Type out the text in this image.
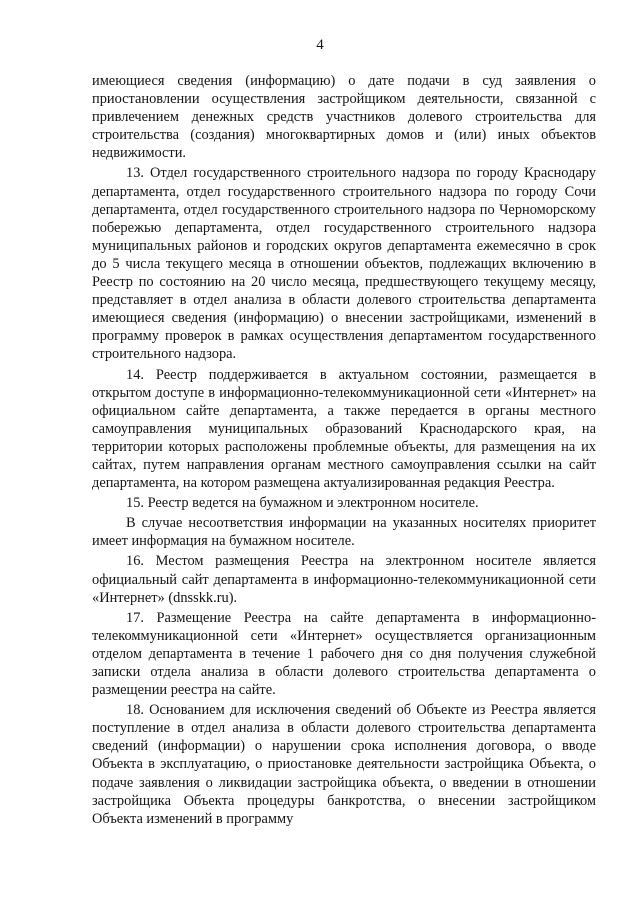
4

имеющиеся сведения (информацию) о дате подачи в суд заявления о приостановлении осуществления застройщиком деятельности, связанной с привлечением денежных средств участников долевого строительства для строительства (создания) многоквартирных домов и (или) иных объектов недвижимости.

13. Отдел государственного строительного надзора по городу Краснодару департамента, отдел государственного строительного надзора по городу Сочи департамента, отдел государственного строительного надзора по Черноморскому побережью департамента, отдел государственного строительного надзора муниципальных районов и городских округов департамента ежемесячно в срок до 5 числа текущего месяца в отношении объектов, подлежащих включению в Реестр по состоянию на 20 число месяца, предшествующего текущему месяцу, представляет в отдел анализа в области долевого строительства департамента имеющиеся сведения (информацию) о внесении застройщиками, изменений в программу проверок в рамках осуществления департаментом государственного строительного надзора.

14. Реестр поддерживается в актуальном состоянии, размещается в открытом доступе в информационно-телекоммуникационной сети «Интернет» на официальном сайте департамента, а также передается в органы местного самоуправления муниципальных образований Краснодарского края, на территории которых расположены проблемные объекты, для размещения на их сайтах, путем направления органам местного самоуправления ссылки на сайт департамента, на котором размещена актуализированная редакция Реестра.

15. Реестр ведется на бумажном и электронном носителе.

В случае несоответствия информации на указанных носителях приоритет имеет информация на бумажном носителе.

16. Местом размещения Реестра на электронном носителе является официальный сайт департамента в информационно-телекоммуникационной сети «Интернет» (dnsskk.ru).

17. Размещение Реестра на сайте департамента в информационно-телекоммуникационной сети «Интернет» осуществляется организационным отделом департамента в течение 1 рабочего дня со дня получения служебной записки отдела анализа в области долевого строительства департамента о размещении реестра на сайте.

18. Основанием для исключения сведений об Объекте из Реестра является поступление в отдел анализа в области долевого строительства департамента сведений (информации) о нарушении срока исполнения договора, о вводе Объекта в эксплуатацию, о приостановке деятельности застройщика Объекта, о подаче заявления о ликвидации застройщика объекта, о введении в отношении застройщика Объекта процедуры банкротства, о внесении застройщиком Объекта изменений в программу
